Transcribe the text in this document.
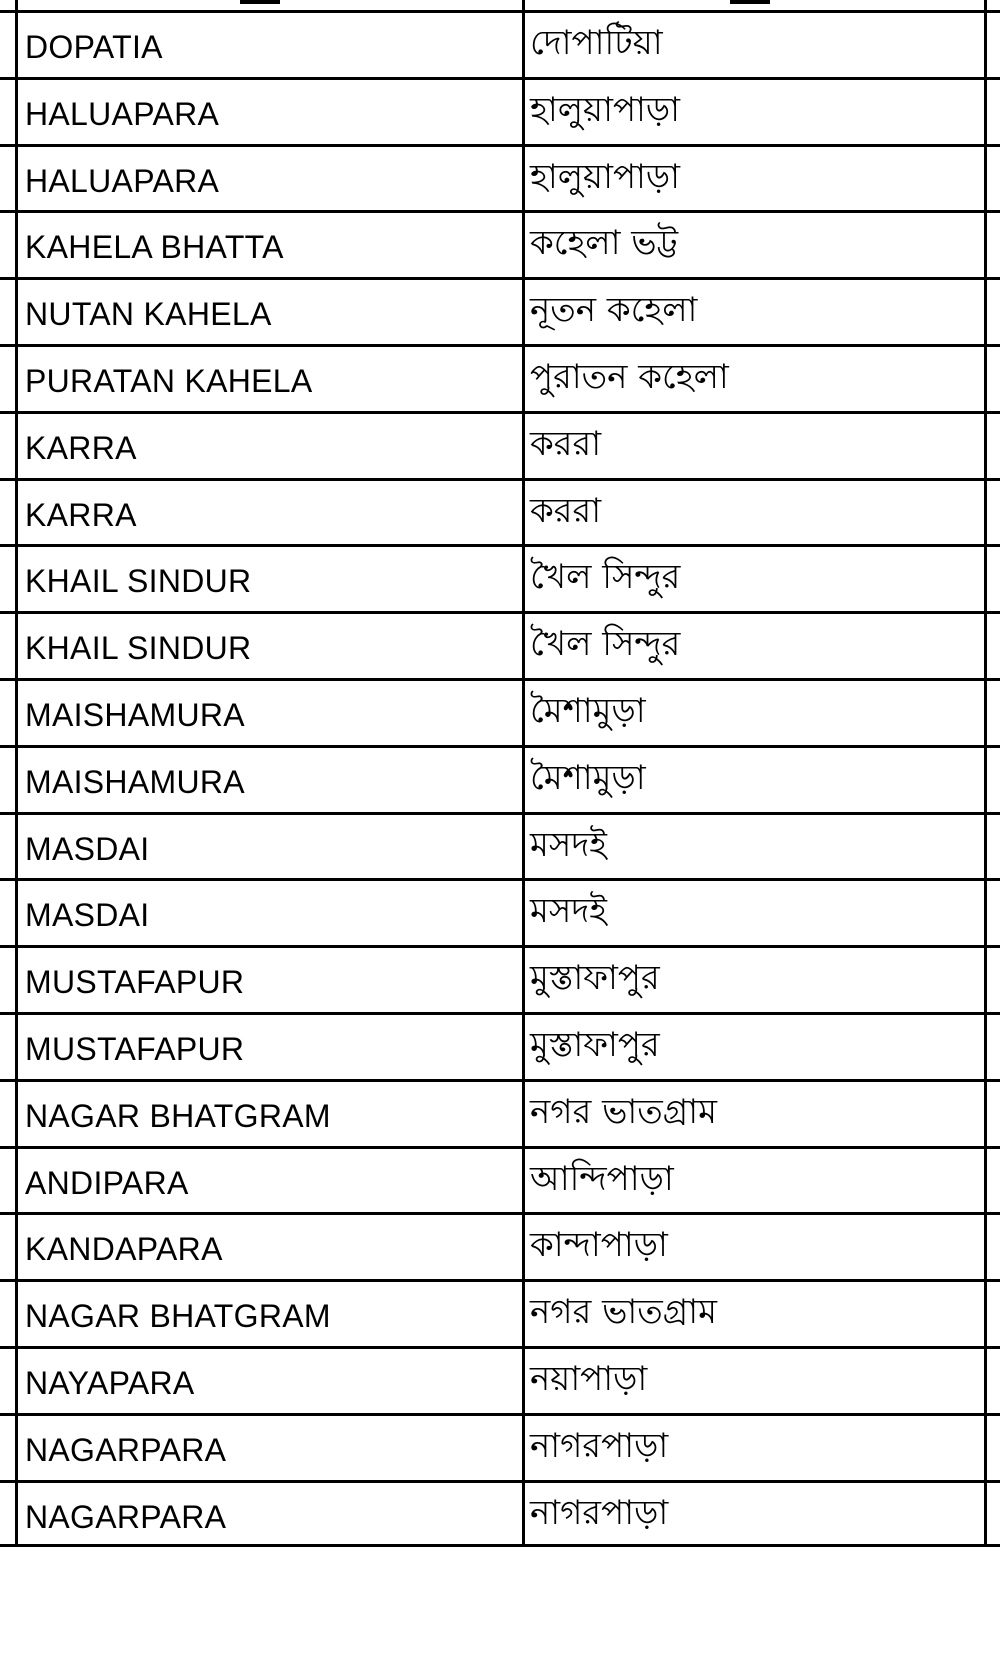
DOPATIA	দোপাটিয়া
HALUAPARA	হালুয়াপাড়া
HALUAPARA	হালুয়াপাড়া
KAHELA BHATTA	কহেলা ভট্ট
NUTAN KAHELA	নূতন কহেলা
PURATAN KAHELA	পুরাতন কহেলা
KARRA	কররা
KARRA	কররা
KHAIL SINDUR	খৈল সিন্দুর
KHAIL SINDUR	খৈল সিন্দুর
MAISHAMURA	মৈশামুড়া
MAISHAMURA	মৈশামুড়া
MASDAI	মসদই
MASDAI	মসদই
MUSTAFAPUR	মুস্তাফাপুর
MUSTAFAPUR	মুস্তাফাপুর
NAGAR BHATGRAM	নগর ভাতগ্রাম
ANDIPARA	আন্দিপাড়া
KANDAPARA	কান্দাপাড়া
NAGAR BHATGRAM	নগর ভাতগ্রাম
NAYAPARA	নয়াপাড়া
NAGARPARA	নাগরপাড়া
NAGARPARA	নাগরপাড়া
